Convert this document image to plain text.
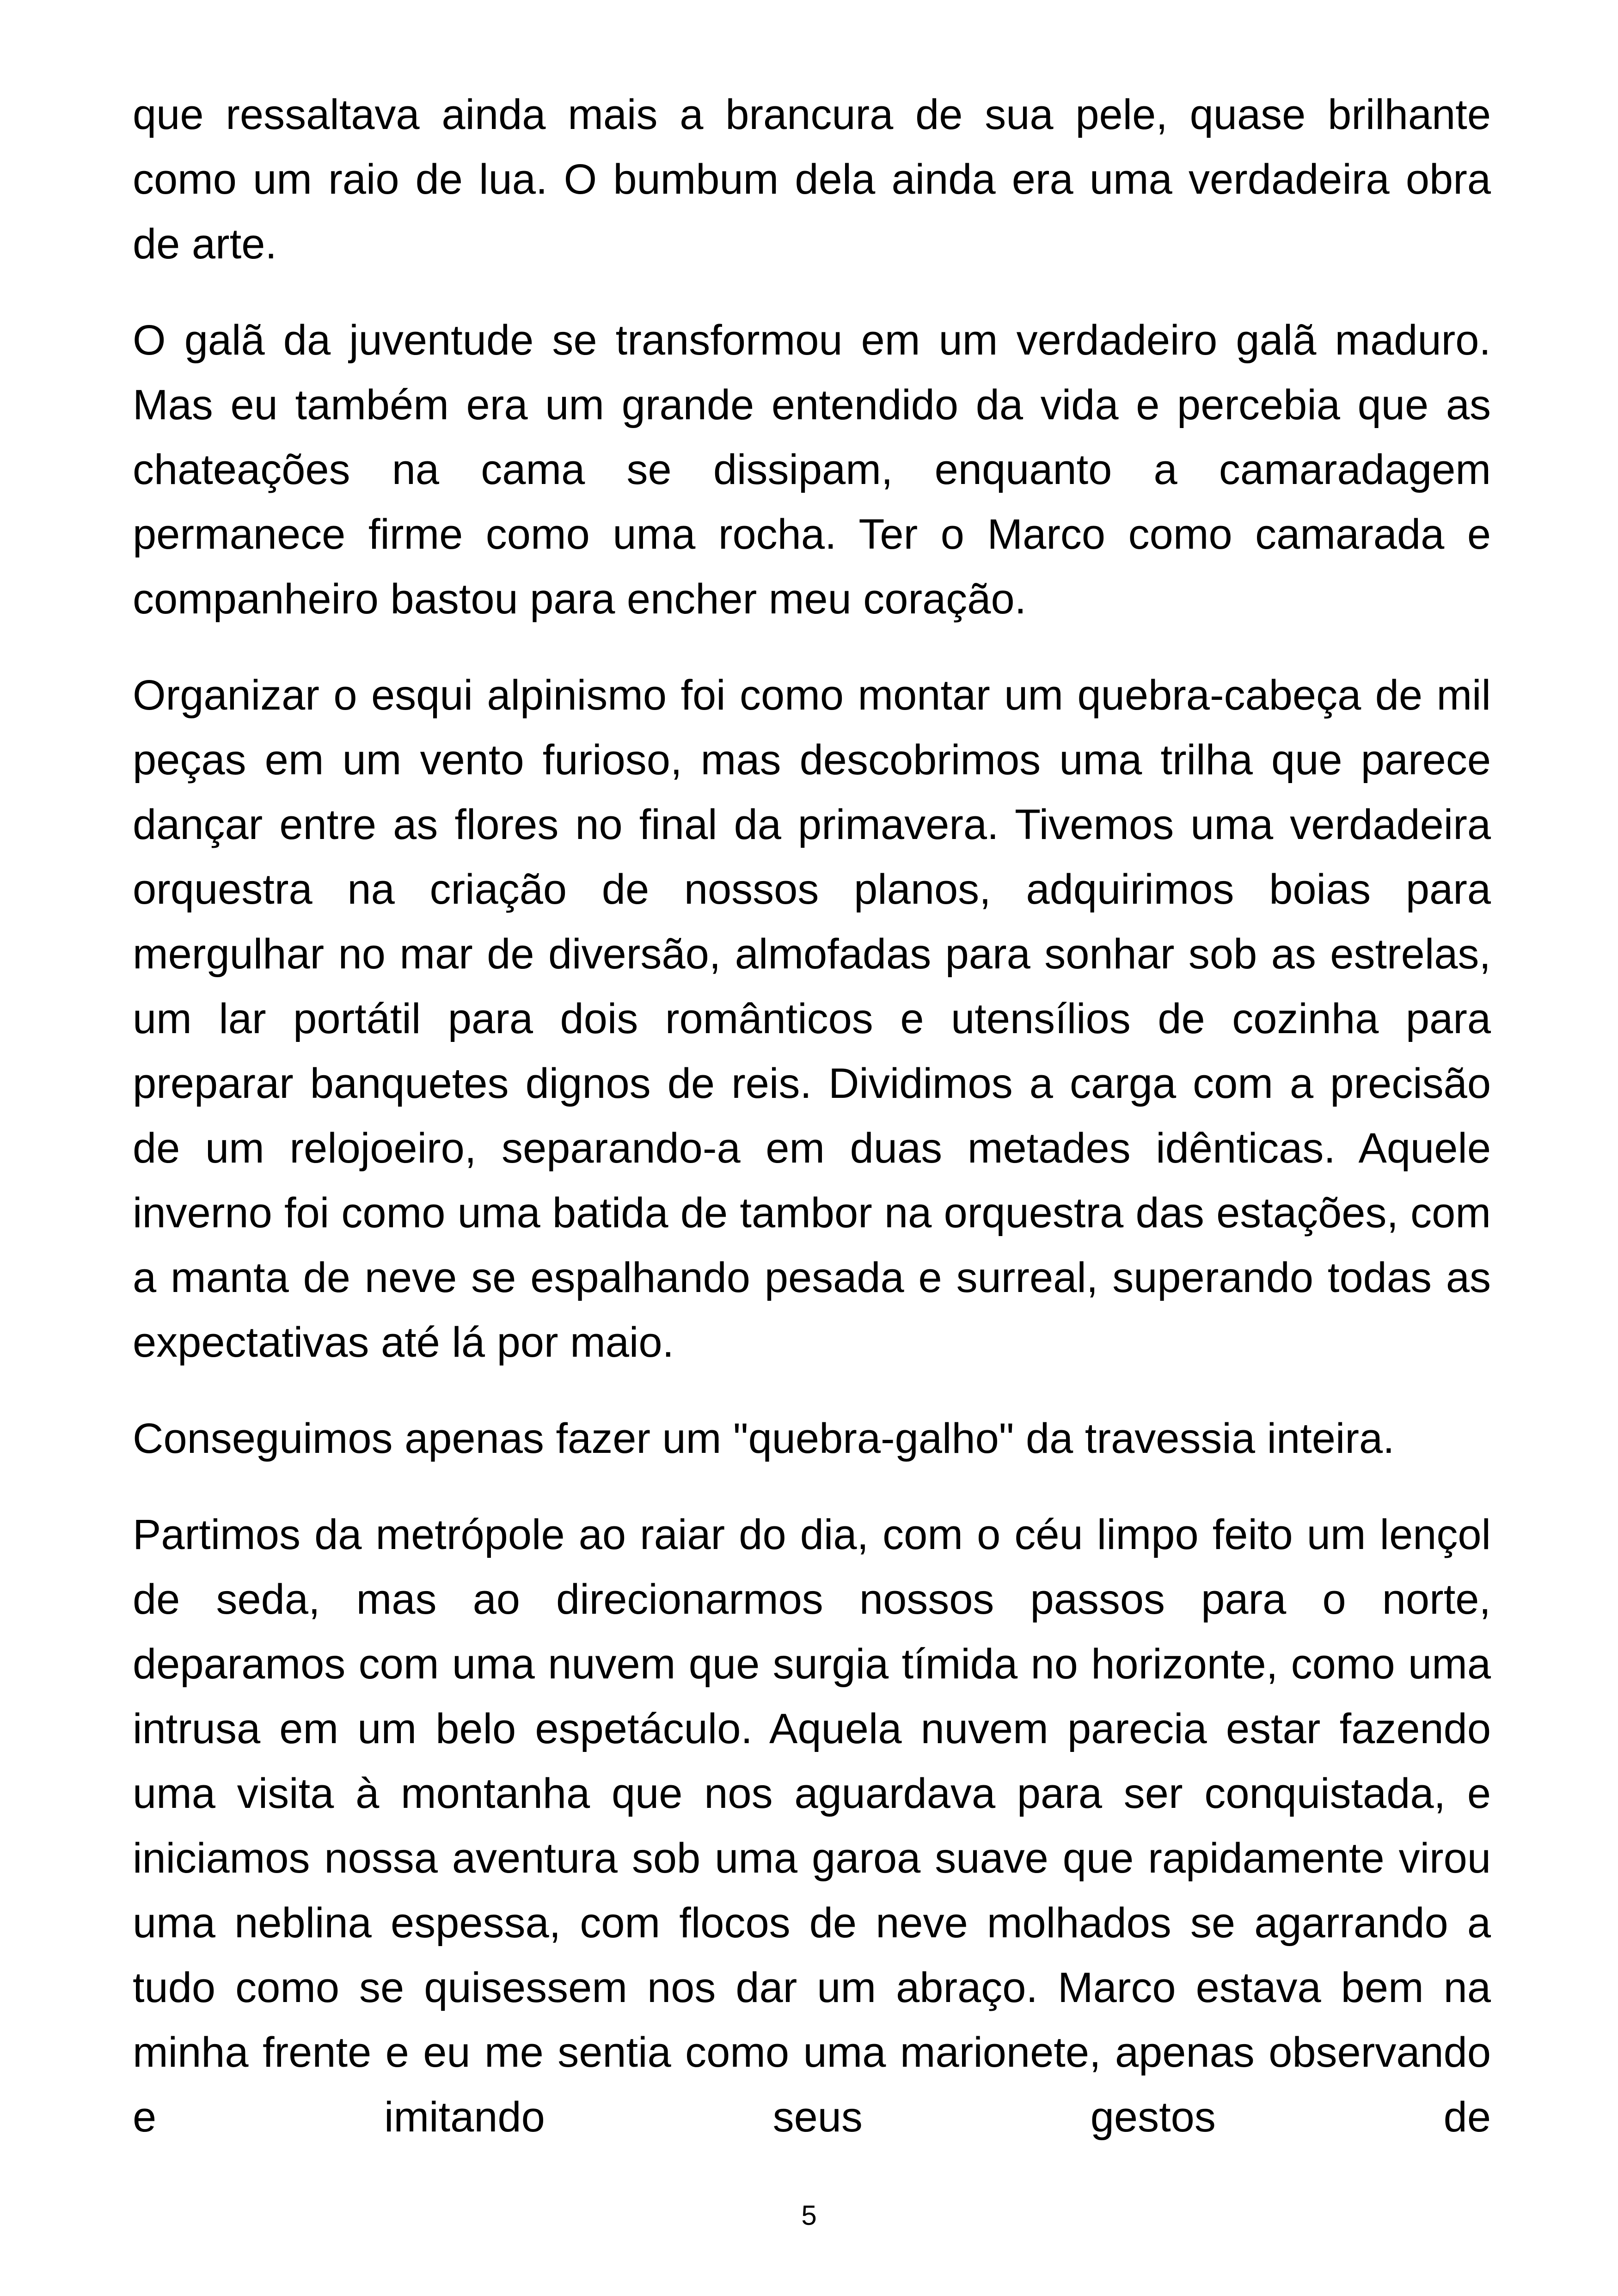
que ressaltava ainda mais a brancura de sua pele, quase brilhante como um raio de lua. O bumbum dela ainda era uma verdadeira obra de arte.

O galã da juventude se transformou em um verdadeiro galã maduro. Mas eu também era um grande entendido da vida e percebia que as chateações na cama se dissipam, enquanto a camaradagem permanece firme como uma rocha. Ter o Marco como camarada e companheiro bastou para encher meu coração.

Organizar o esqui alpinismo foi como montar um quebra-cabeça de mil peças em um vento furioso, mas descobrimos uma trilha que parece dançar entre as flores no final da primavera. Tivemos uma verdadeira orquestra na criação de nossos planos, adquirimos boias para mergulhar no mar de diversão, almofadas para sonhar sob as estrelas, um lar portátil para dois românticos e utensílios de cozinha para preparar banquetes dignos de reis. Dividimos a carga com a precisão de um relojoeiro, separando-a em duas metades idênticas. Aquele inverno foi como uma batida de tambor na orquestra das estações, com a manta de neve se espalhando pesada e surreal, superando todas as expectativas até lá por maio.

Conseguimos apenas fazer um "quebra-galho" da travessia inteira.

Partimos da metrópole ao raiar do dia, com o céu limpo feito um lençol de seda, mas ao direcionarmos nossos passos para o norte, deparamos com uma nuvem que surgia tímida no horizonte, como uma intrusa em um belo espetáculo. Aquela nuvem parecia estar fazendo uma visita à montanha que nos aguardava para ser conquistada, e iniciamos nossa aventura sob uma garoa suave que rapidamente virou uma neblina espessa, com flocos de neve molhados se agarrando a tudo como se quisessem nos dar um abraço. Marco estava bem na minha frente e eu me sentia como uma marionete, apenas observando e imitando seus gestos de

5
